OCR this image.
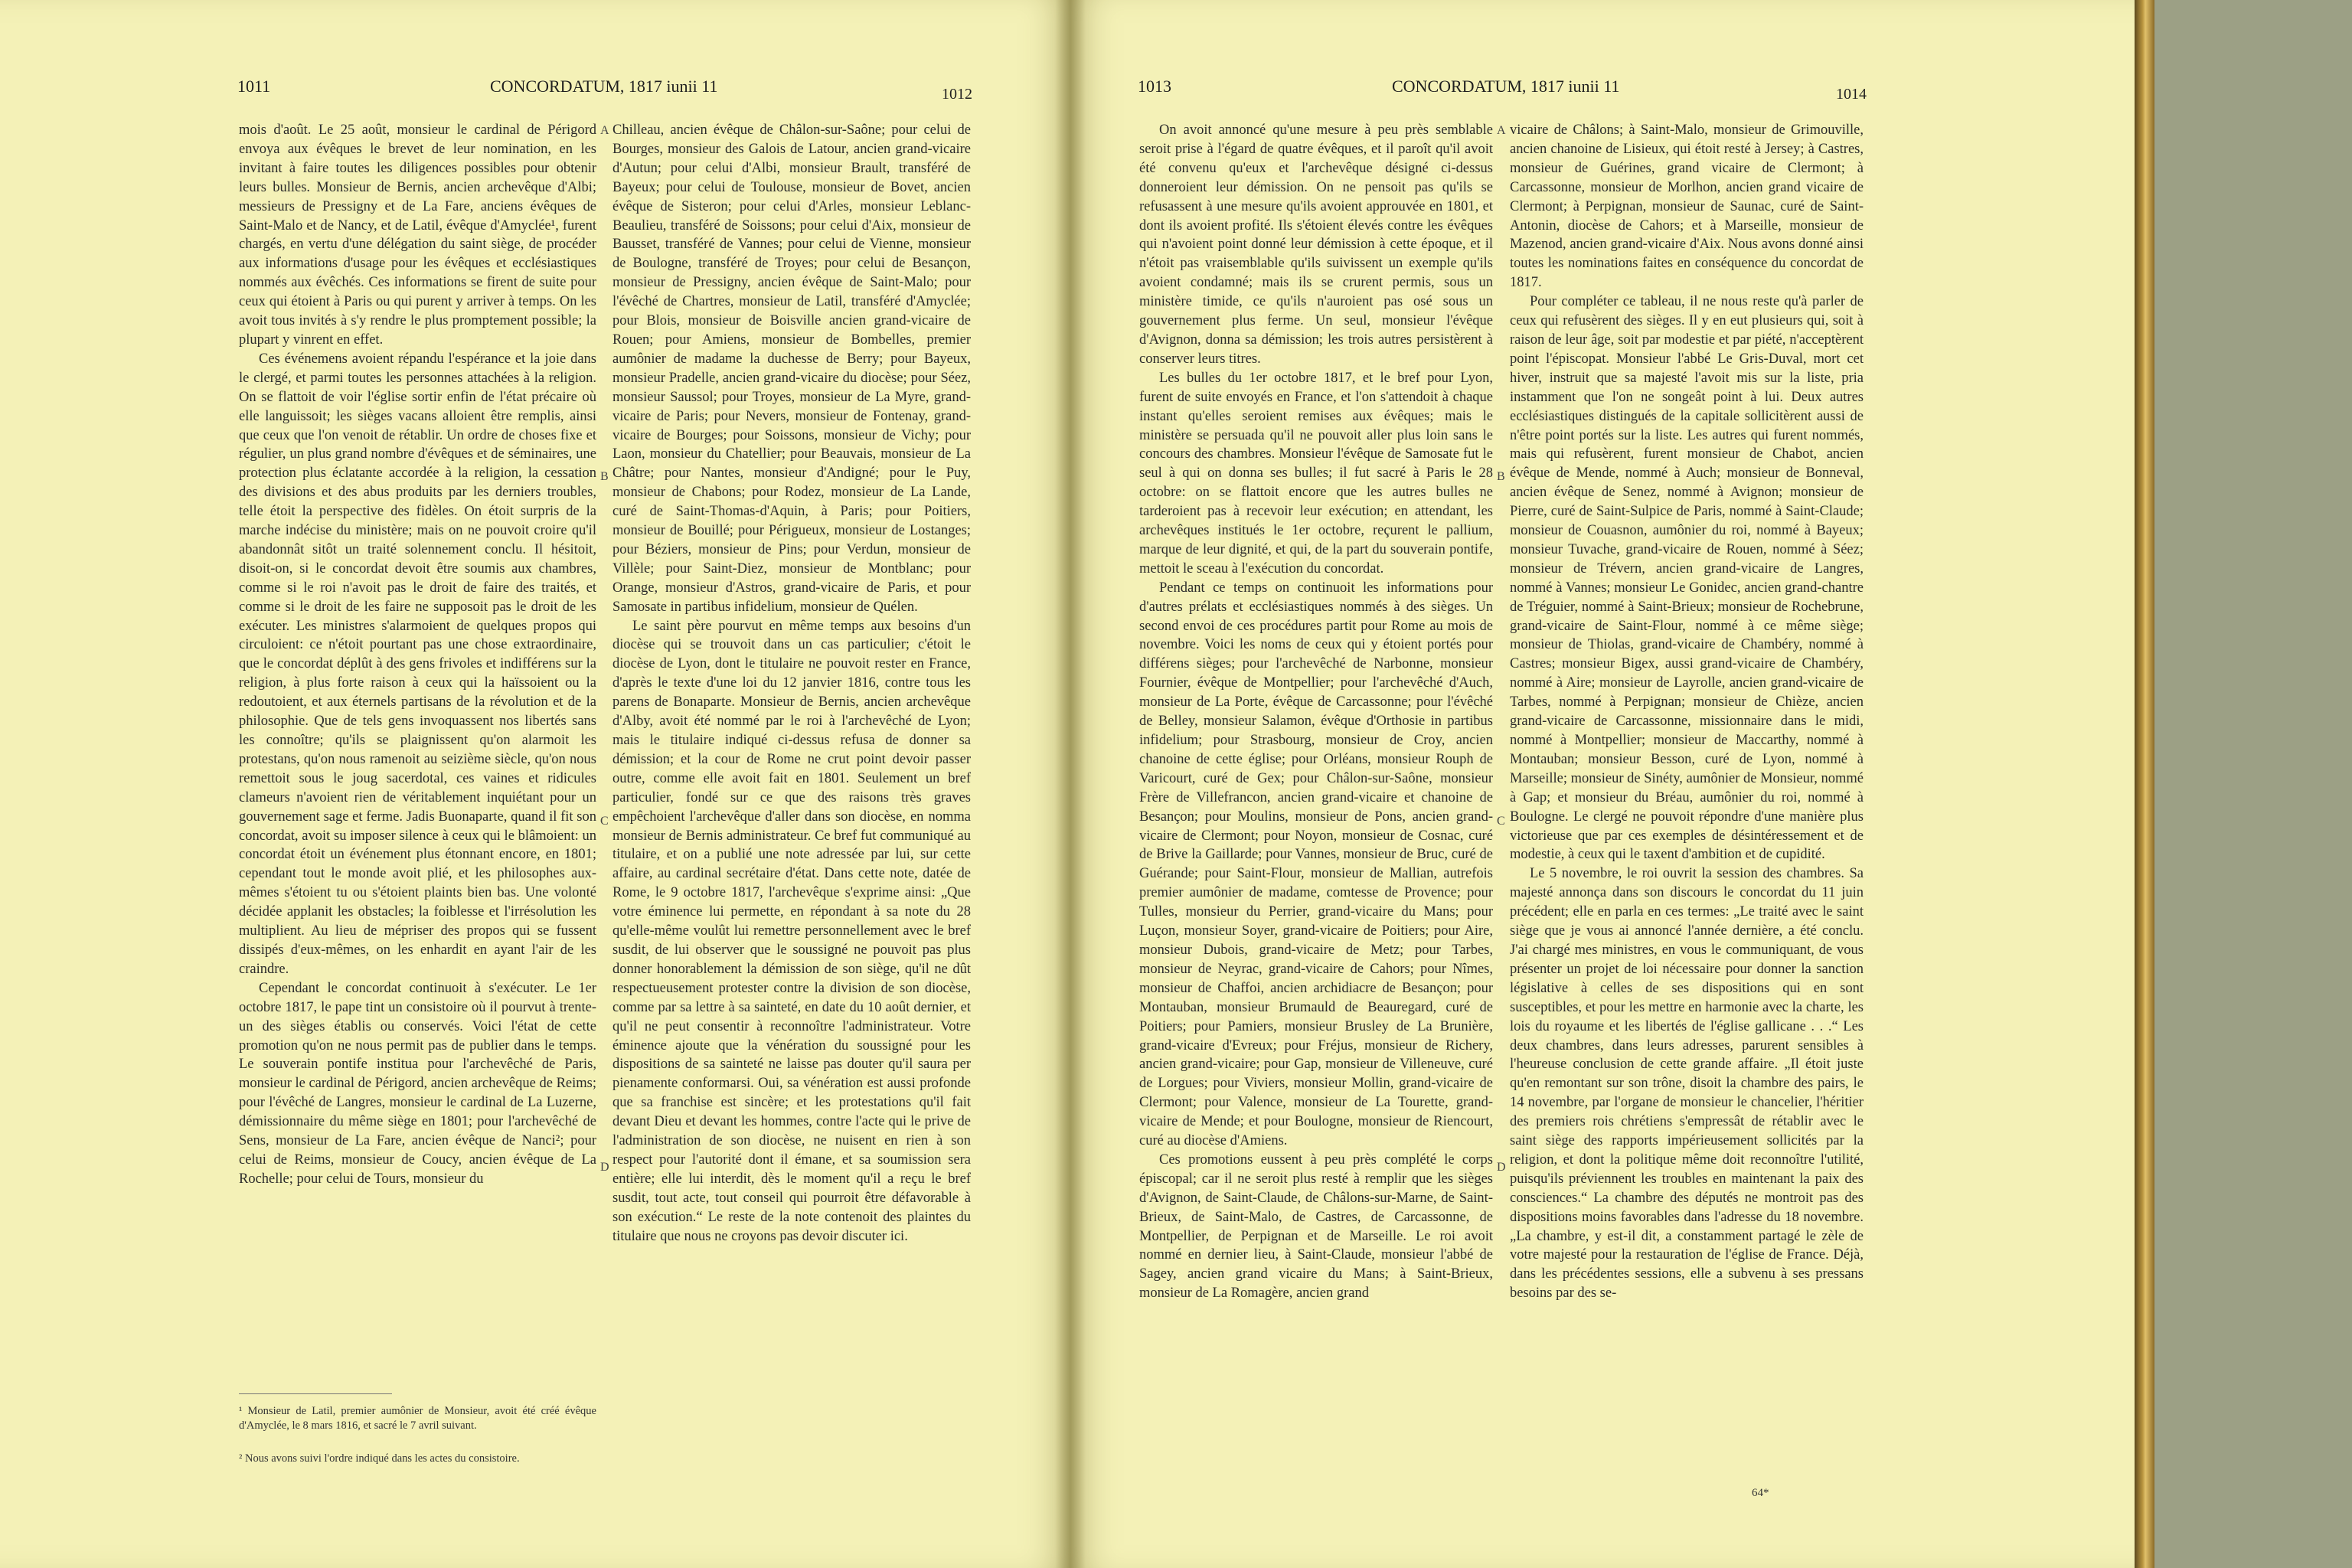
1011	CONCORDATUM, 1817 iunii 11	1012

mois d'août. Le 25 août, monsieur le cardinal de Périgord envoya aux évêques le brevet de leur nomination, en les invitant à faire toutes les diligences possibles pour obtenir leurs bulles. Monsieur de Bernis, ancien archevêque d'Albi; messieurs de Pressigny et de La Fare, anciens évêques de Saint-Malo et de Nancy, et de Latil, évêque d'Amyclée¹, furent chargés, en vertu d'une délégation du saint siège, de procéder aux informations d'usage pour les évêques et ecclésiastiques nommés aux évêchés. Ces informations se firent de suite pour ceux qui étoient à Paris ou qui purent y arriver à temps. On les avoit tous invités à s'y rendre le plus promptement possible; la plupart y vinrent en effet.

Ces événemens avoient répandu l'espérance et la joie dans le clergé, et parmi toutes les personnes attachées à la religion. On se flattoit de voir l'église sortir enfin de l'état précaire où elle languissoit; les sièges vacans alloient être remplis, ainsi que ceux que l'on venoit de rétablir. Un ordre de choses fixe et régulier, un plus grand nombre d'évêques et de séminaires, une protection plus éclatante accordée à la religion, la cessation des divisions et des abus produits par les derniers troubles, telle étoit la perspective des fidèles. On étoit surpris de la marche indécise du ministère; mais on ne pouvoit croire qu'il abandonnât sitôt un traité solennement conclu. Il hésitoit, disoit-on, si le concordat devoit être soumis aux chambres, comme si le roi n'avoit pas le droit de faire des traités, et comme si le droit de les faire ne supposoit pas le droit de les exécuter. Les ministres s'alarmoient de quelques propos qui circuloient: ce n'étoit pourtant pas une chose extraordinaire, que le concordat déplût à des gens frivoles et indifférens sur la religion, à plus forte raison à ceux qui la haïssoient ou la redoutoient, et aux éternels partisans de la révolution et de la philosophie. Que de tels gens invoquassent nos libertés sans les connoître; qu'ils se plaignissent qu'on alarmoit les protestans, qu'on nous ramenoit au seizième siècle, qu'on nous remettoit sous le joug sacerdotal, ces vaines et ridicules clameurs n'avoient rien de véritablement inquiétant pour un gouvernement sage et ferme. Jadis Buonaparte, quand il fit son concordat, avoit su imposer silence à ceux qui le blâmoient: un concordat étoit un événement plus étonnant encore, en 1801; cependant tout le monde avoit plié, et les philosophes aux-mêmes s'étoient tu ou s'étoient plaints bien bas. Une volonté décidée applanit les obstacles; la foiblesse et l'irrésolution les multiplient. Au lieu de mépriser des propos qui se fussent dissipés d'eux-mêmes, on les enhardit en ayant l'air de les craindre.

Cependant le concordat continuoit à s'exécuter. Le 1er octobre 1817, le pape tint un consistoire où il pourvut à trente-un des sièges établis ou conservés. Voici l'état de cette promotion qu'on ne nous permit pas de publier dans le temps. Le souverain pontife institua pour l'archevêché de Paris, monsieur le cardinal de Périgord, ancien archevêque de Reims; pour l'évêché de Langres, monsieur le cardinal de La Luzerne, démissionnaire du même siège en 1801; pour l'archevêché de Sens, monsieur de La Fare, ancien évêque de Nanci²; pour celui de Reims, monsieur de Coucy, ancien évêque de La Rochelle; pour celui de Tours, monsieur du

¹ Monsieur de Latil, premier aumônier de Monsieur, avoit été créé évêque d'Amyclée, le 8 mars 1816, et sacré le 7 avril suivant.
² Nous avons suivi l'ordre indiqué dans les actes du consistoire.
A
B
C
D

Chilleau, ancien évêque de Châlon-sur-Saône; pour celui de Bourges, monsieur des Galois de Latour, ancien grand-vicaire d'Autun; pour celui d'Albi, monsieur Brault, transféré de Bayeux; pour celui de Toulouse, monsieur de Bovet, ancien évêque de Sisteron; pour celui d'Arles, monsieur Leblanc-Beaulieu, transféré de Soissons; pour celui d'Aix, monsieur de Bausset, transféré de Vannes; pour celui de Vienne, monsieur de Boulogne, transféré de Troyes; pour celui de Besançon, monsieur de Pressigny, ancien évêque de Saint-Malo; pour l'évêché de Chartres, monsieur de Latil, transféré d'Amyclée; pour Blois, monsieur de Boisville ancien grand-vicaire de Rouen; pour Amiens, monsieur de Bombelles, premier aumônier de madame la duchesse de Berry; pour Bayeux, monsieur Pradelle, ancien grand-vicaire du diocèse; pour Séez, monsieur Saussol; pour Troyes, monsieur de La Myre, grand-vicaire de Paris; pour Nevers, monsieur de Fontenay, grand-vicaire de Bourges; pour Soissons, monsieur de Vichy; pour Laon, monsieur du Chatellier; pour Beauvais, monsieur de La Châtre; pour Nantes, monsieur d'Andigné; pour le Puy, monsieur de Chabons; pour Rodez, monsieur de La Lande, curé de Saint-Thomas-d'Aquin, à Paris; pour Poitiers, monsieur de Bouillé; pour Périgueux, monsieur de Lostanges; pour Béziers, monsieur de Pins; pour Verdun, monsieur de Villèle; pour Saint-Diez, monsieur de Montblanc; pour Orange, monsieur d'Astros, grand-vicaire de Paris, et pour Samosate in partibus infidelium, monsieur de Quélen.

Le saint père pourvut en même temps aux besoins d'un diocèse qui se trouvoit dans un cas particulier; c'étoit le diocèse de Lyon, dont le titulaire ne pouvoit rester en France, d'après le texte d'une loi du 12 janvier 1816, contre tous les parens de Bonaparte. Monsieur de Bernis, ancien archevêque d'Alby, avoit été nommé par le roi à l'archevêché de Lyon; mais le titulaire indiqué ci-dessus refusa de donner sa démission; et la cour de Rome ne crut point devoir passer outre, comme elle avoit fait en 1801. Seulement un bref particulier, fondé sur ce que des raisons très graves empêchoient l'archevêque d'aller dans son diocèse, en nomma monsieur de Bernis administrateur. Ce bref fut communiqué au titulaire, et on a publié une note adressée par lui, sur cette affaire, au cardinal secrétaire d'état. Dans cette note, datée de Rome, le 9 octobre 1817, l'archevêque s'exprime ainsi: „Que votre éminence lui permette, en répondant à sa note du 28 qu'elle-même voulût lui remettre personnellement avec le bref susdit, de lui observer que le soussigné ne pouvoit pas plus donner honorablement la démission de son siège, qu'il ne dût respectueusement protester contre la division de son diocèse, comme par sa lettre à sa sainteté, en date du 10 août dernier, et qu'il ne peut consentir à reconnoître l'administrateur. Votre éminence ajoute que la vénération du soussigné pour les dispositions de sa sainteté ne laisse pas douter qu'il saura per pienamente conformarsi. Oui, sa vénération est aussi profonde que sa franchise est sincère; et les protestations qu'il fait devant Dieu et devant les hommes, contre l'acte qui le prive de l'administration de son diocèse, ne nuisent en rien à son respect pour l'autorité dont il émane, et sa soumission sera entière; elle lui interdit, dès le moment qu'il a reçu le bref susdit, tout acte, tout conseil qui pourroit être défavorable à son exécution.“ Le reste de la note contenoit des plaintes du titulaire que nous ne croyons pas devoir discuter ici.

1013	CONCORDATUM, 1817 iunii 11	1014

On avoit annoncé qu'une mesure à peu près semblable seroit prise à l'égard de quatre évêques, et il paroît qu'il avoit été convenu qu'eux et l'archevêque désigné ci-dessus donneroient leur démission. On ne pensoit pas qu'ils se refusassent à une mesure qu'ils avoient approuvée en 1801, et dont ils avoient profité. Ils s'étoient élevés contre les évêques qui n'avoient point donné leur démission à cette époque, et il n'étoit pas vraisemblable qu'ils suivissent un exemple qu'ils avoient condamné; mais ils se crurent permis, sous un ministère timide, ce qu'ils n'auroient pas osé sous un gouvernement plus ferme. Un seul, monsieur l'évêque d'Avignon, donna sa démission; les trois autres persistèrent à conserver leurs titres.

Les bulles du 1er octobre 1817, et le bref pour Lyon, furent de suite envoyés en France, et l'on s'attendoit à chaque instant qu'elles seroient remises aux évêques; mais le ministère se persuada qu'il ne pouvoit aller plus loin sans le concours des chambres. Monsieur l'évêque de Samosate fut le seul à qui on donna ses bulles; il fut sacré à Paris le 28 octobre: on se flattoit encore que les autres bulles ne tarderoient pas à recevoir leur exécution; en attendant, les archevêques institués le 1er octobre, reçurent le pallium, marque de leur dignité, et qui, de la part du souverain pontife, mettoit le sceau à l'exécution du concordat.

Pendant ce temps on continuoit les informations pour d'autres prélats et ecclésiastiques nommés à des sièges. Un second envoi de ces procédures partit pour Rome au mois de novembre. Voici les noms de ceux qui y étoient portés pour différens sièges; pour l'archevêché de Narbonne, monsieur Fournier, évêque de Montpellier; pour l'archevêché d'Auch, monsieur de La Porte, évêque de Carcassonne; pour l'évêché de Belley, monsieur Salamon, évêque d'Orthosie in partibus infidelium; pour Strasbourg, monsieur de Croy, ancien chanoine de cette église; pour Orléans, monsieur Rouph de Varicourt, curé de Gex; pour Châlon-sur-Saône, monsieur Frère de Villefrancon, ancien grand-vicaire et chanoine de Besançon; pour Moulins, monsieur de Pons, ancien grand-vicaire de Clermont; pour Noyon, monsieur de Cosnac, curé de Brive la Gaillarde; pour Vannes, monsieur de Bruc, curé de Guérande; pour Saint-Flour, monsieur de Mallian, autrefois premier aumônier de madame, comtesse de Provence; pour Tulles, monsieur du Perrier, grand-vicaire du Mans; pour Luçon, monsieur Soyer, grand-vicaire de Poitiers; pour Aire, monsieur Dubois, grand-vicaire de Metz; pour Tarbes, monsieur de Neyrac, grand-vicaire de Cahors; pour Nîmes, monsieur de Chaffoi, ancien archidiacre de Besançon; pour Montauban, monsieur Brumauld de Beauregard, curé de Poitiers; pour Pamiers, monsieur Brusley de La Brunière, grand-vicaire d'Evreux; pour Fréjus, monsieur de Richery, ancien grand-vicaire; pour Gap, monsieur de Villeneuve, curé de Lorgues; pour Viviers, monsieur Mollin, grand-vicaire de Clermont; pour Valence, monsieur de La Tourette, grand-vicaire de Mende; et pour Boulogne, monsieur de Riencourt, curé au diocèse d'Amiens.

Ces promotions eussent à peu près complété le corps épiscopal; car il ne seroit plus resté à remplir que les sièges d'Avignon, de Saint-Claude, de Châlons-sur-Marne, de Saint-Brieux, de Saint-Malo, de Castres, de Carcassonne, de Montpellier, de Perpignan et de Marseille. Le roi avoit nommé en dernier lieu, à Saint-Claude, monsieur l'abbé de Sagey, ancien grand vicaire du Mans; à Saint-Brieux, monsieur de La Romagère, ancien grand

A
B
C
D

vicaire de Châlons; à Saint-Malo, monsieur de Grimouville, ancien chanoine de Lisieux, qui étoit resté à Jersey; à Castres, monsieur de Guérines, grand vicaire de Clermont; à Carcassonne, monsieur de Morlhon, ancien grand vicaire de Clermont; à Perpignan, monsieur de Saunac, curé de Saint-Antonin, diocèse de Cahors; et à Marseille, monsieur de Mazenod, ancien grand-vicaire d'Aix. Nous avons donné ainsi toutes les nominations faites en conséquence du concordat de 1817.

Pour compléter ce tableau, il ne nous reste qu'à parler de ceux qui refusèrent des sièges. Il y en eut plusieurs qui, soit à raison de leur âge, soit par modestie et par piété, n'acceptèrent point l'épiscopat. Monsieur l'abbé Le Gris-Duval, mort cet hiver, instruit que sa majesté l'avoit mis sur la liste, pria instamment que l'on ne songeât point à lui. Deux autres ecclésiastiques distingués de la capitale sollicitèrent aussi de n'être point portés sur la liste. Les autres qui furent nommés, mais qui refusèrent, furent monsieur de Chabot, ancien évêque de Mende, nommé à Auch; monsieur de Bonneval, ancien évêque de Senez, nommé à Avignon; monsieur de Pierre, curé de Saint-Sulpice de Paris, nommé à Saint-Claude; monsieur de Couasnon, aumônier du roi, nommé à Bayeux; monsieur Tuvache, grand-vicaire de Rouen, nommé à Séez; monsieur de Trévern, ancien grand-vicaire de Langres, nommé à Vannes; monsieur Le Gonidec, ancien grand-chantre de Tréguier, nommé à Saint-Brieux; monsieur de Rochebrune, grand-vicaire de Saint-Flour, nommé à ce même siège; monsieur de Thiolas, grand-vicaire de Chambéry, nommé à Castres; monsieur Bigex, aussi grand-vicaire de Chambéry, nommé à Aire; monsieur de Layrolle, ancien grand-vicaire de Tarbes, nommé à Perpignan; monsieur de Chièze, ancien grand-vicaire de Carcassonne, missionnaire dans le midi, nommé à Montpellier; monsieur de Maccarthy, nommé à Montauban; monsieur Besson, curé de Lyon, nommé à Marseille; monsieur de Sinéty, aumônier de Monsieur, nommé à Gap; et monsieur du Bréau, aumônier du roi, nommé à Boulogne. Le clergé ne pouvoit répondre d'une manière plus victorieuse que par ces exemples de désintéressement et de modestie, à ceux qui le taxent d'ambition et de cupidité.

Le 5 novembre, le roi ouvrit la session des chambres. Sa majesté annonça dans son discours le concordat du 11 juin précédent; elle en parla en ces termes: „Le traité avec le saint siège que je vous ai annoncé l'année dernière, a été conclu. J'ai chargé mes ministres, en vous le communiquant, de vous présenter un projet de loi nécessaire pour donner la sanction législative à celles de ses dispositions qui en sont susceptibles, et pour les mettre en harmonie avec la charte, les lois du royaume et les libertés de l'église gallicane . . .“ Les deux chambres, dans leurs adresses, parurent sensibles à l'heureuse conclusion de cette grande affaire. „Il étoit juste qu'en remontant sur son trône, disoit la chambre des pairs, le 14 novembre, par l'organe de monsieur le chancelier, l'héritier des premiers rois chrétiens s'empressât de rétablir avec le saint siège des rapports impérieusement sollicités par la religion, et dont la politique même doit reconnoître l'utilité, puisqu'ils préviennent les troubles en maintenant la paix des consciences.“ La chambre des députés ne montroit pas des dispositions moins favorables dans l'adresse du 18 novembre. „La chambre, y est-il dit, a constamment partagé le zèle de votre majesté pour la restauration de l'église de France. Déjà, dans les précédentes sessions, elle a subvenu à ses pressans besoins par des se-

64*
